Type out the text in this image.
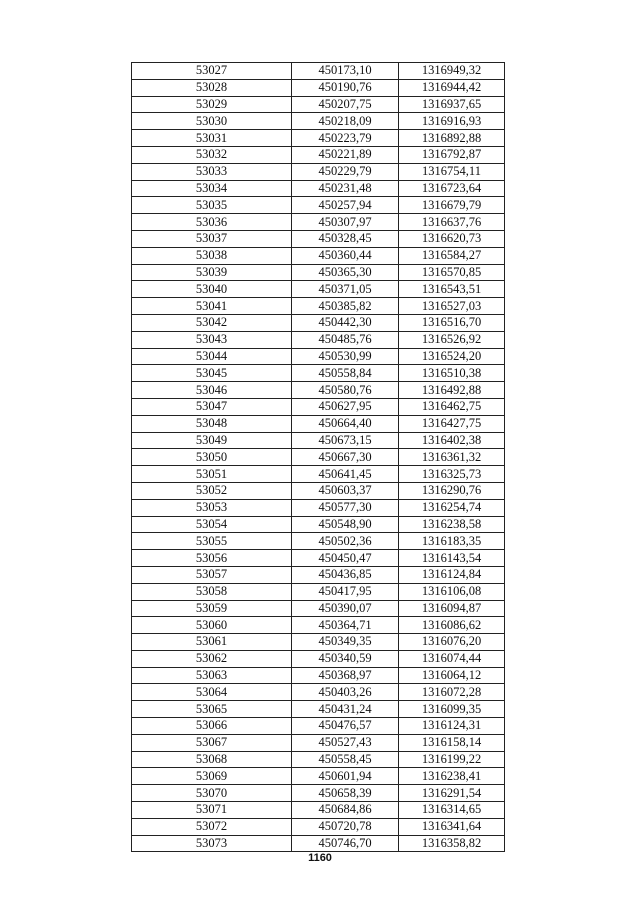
53027	450173,10	1316949,32
53028	450190,76	1316944,42
53029	450207,75	1316937,65
53030	450218,09	1316916,93
53031	450223,79	1316892,88
53032	450221,89	1316792,87
53033	450229,79	1316754,11
53034	450231,48	1316723,64
53035	450257,94	1316679,79
53036	450307,97	1316637,76
53037	450328,45	1316620,73
53038	450360,44	1316584,27
53039	450365,30	1316570,85
53040	450371,05	1316543,51
53041	450385,82	1316527,03
53042	450442,30	1316516,70
53043	450485,76	1316526,92
53044	450530,99	1316524,20
53045	450558,84	1316510,38
53046	450580,76	1316492,88
53047	450627,95	1316462,75
53048	450664,40	1316427,75
53049	450673,15	1316402,38
53050	450667,30	1316361,32
53051	450641,45	1316325,73
53052	450603,37	1316290,76
53053	450577,30	1316254,74
53054	450548,90	1316238,58
53055	450502,36	1316183,35
53056	450450,47	1316143,54
53057	450436,85	1316124,84
53058	450417,95	1316106,08
53059	450390,07	1316094,87
53060	450364,71	1316086,62
53061	450349,35	1316076,20
53062	450340,59	1316074,44
53063	450368,97	1316064,12
53064	450403,26	1316072,28
53065	450431,24	1316099,35
53066	450476,57	1316124,31
53067	450527,43	1316158,14
53068	450558,45	1316199,22
53069	450601,94	1316238,41
53070	450658,39	1316291,54
53071	450684,86	1316314,65
53072	450720,78	1316341,64
53073	450746,70	1316358,82
1160
